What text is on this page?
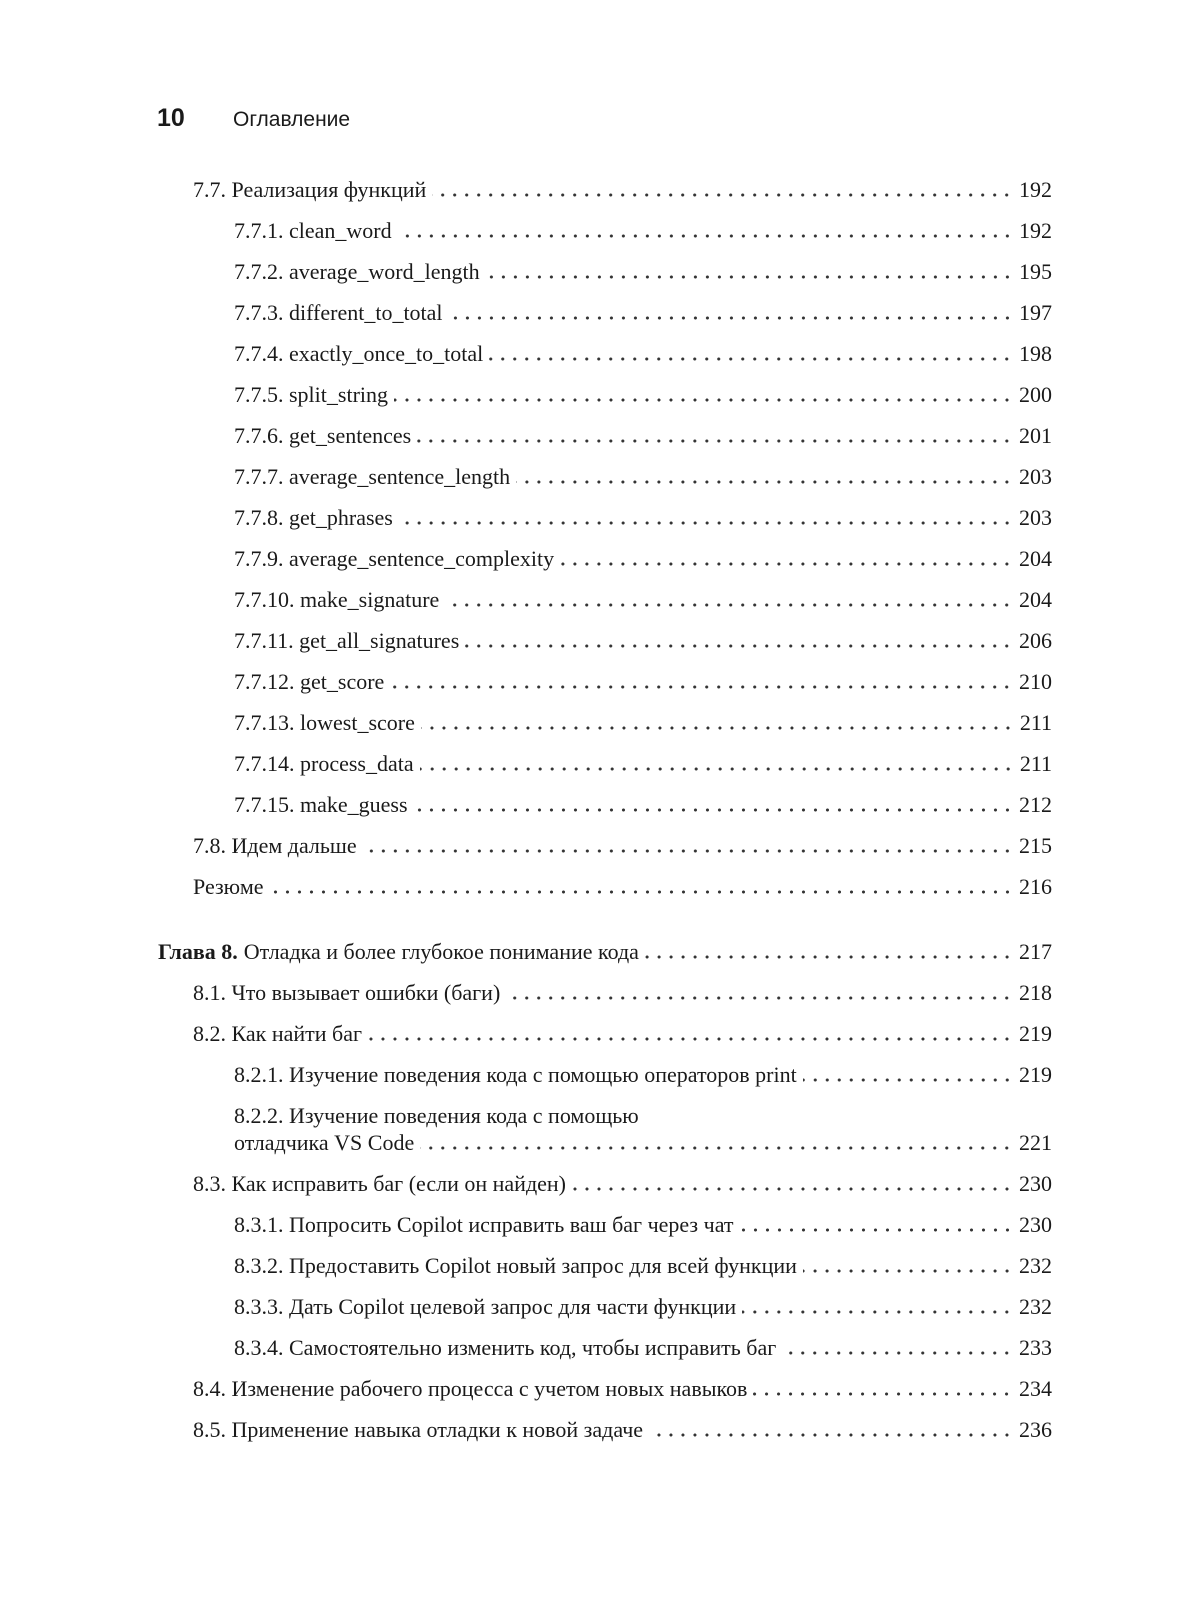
10	Оглавление
7.7. Реализация функций	192
7.7.1. clean_word	192
7.7.2. average_word_length	195
7.7.3. different_to_total	197
7.7.4. exactly_once_to_total	198
7.7.5. split_string	200
7.7.6. get_sentences	201
7.7.7. average_sentence_length	203
7.7.8. get_phrases	203
7.7.9. average_sentence_complexity	204
7.7.10. make_signature	204
7.7.11. get_all_signatures	206
7.7.12. get_score	210
7.7.13. lowest_score	211
7.7.14. process_data	211
7.7.15. make_guess	212
7.8. Идем дальше	215
Резюме	216
Глава 8. Отладка и более глубокое понимание кода	217
8.1. Что вызывает ошибки (баги)	218
8.2. Как найти баг	219
8.2.1. Изучение поведения кода с помощью операторов print	219
8.2.2. Изучение поведения кода с помощью
отладчика VS Code	221
8.3. Как исправить баг (если он найден)	230
8.3.1. Попросить Copilot исправить ваш баг через чат	230
8.3.2. Предоставить Copilot новый запрос для всей функции	232
8.3.3. Дать Copilot целевой запрос для части функции	232
8.3.4. Самостоятельно изменить код, чтобы исправить баг	233
8.4. Изменение рабочего процесса с учетом новых навыков	234
8.5. Применение навыка отладки к новой задаче	236
